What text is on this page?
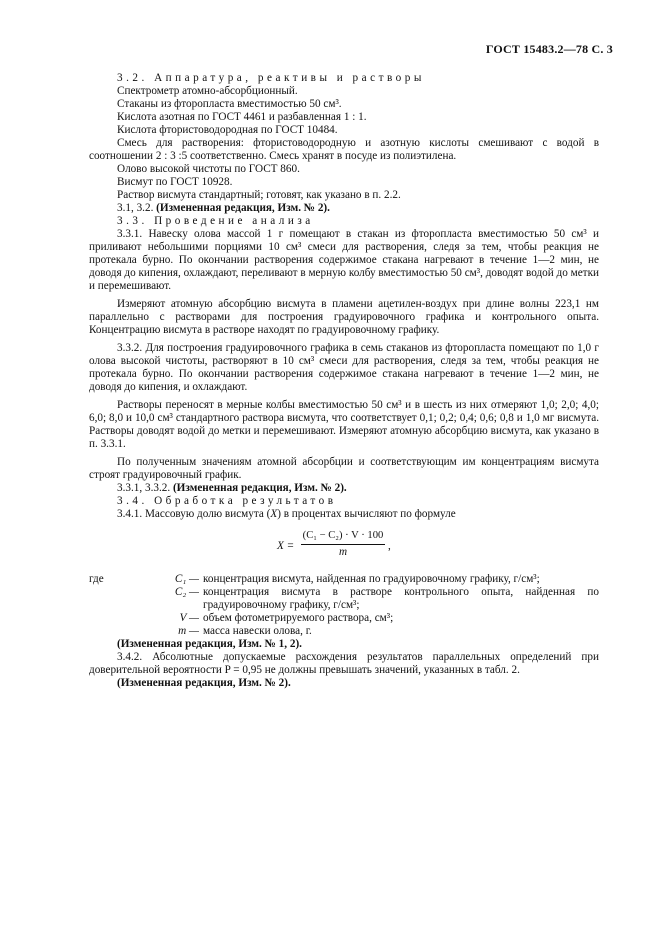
ГОСТ 15483.2—78 С. 3

3.2. Аппаратура, реактивы и растворы

Спектрометр атомно-абсорбционный.

Стаканы из фторопласта вместимостью 50 см³.

Кислота азотная по ГОСТ 4461 и разбавленная 1 : 1.

Кислота фтористоводородная по ГОСТ 10484.

Смесь для растворения: фтористоводородную и азотную кислоты смешивают с водой в соотношении 2 : 3 :5 соответственно. Смесь хранят в посуде из полиэтилена.

Олово высокой чистоты по ГОСТ 860.

Висмут по ГОСТ 10928.

Раствор висмута стандартный; готовят, как указано в п. 2.2.

3.1, 3.2. (Измененная редакция, Изм. № 2).

3.3. Проведение анализа

3.3.1. Навеску олова массой 1 г помещают в стакан из фторопласта вместимостью 50 см³ и приливают небольшими порциями 10 см³ смеси для растворения, следя за тем, чтобы реакция не протекала бурно. По окончании растворения содержимое стакана нагревают в течение 1—2 мин, не доводя до кипения, охлаждают, переливают в мерную колбу вместимостью 50 см³, доводят водой до метки и перемешивают.

Измеряют атомную абсорбцию висмута в пламени ацетилен-воздух при длине волны 223,1 нм параллельно с растворами для построения градуировочного графика и контрольного опыта. Концентрацию висмута в растворе находят по градуировочному графику.

3.3.2. Для построения градуировочного графика в семь стаканов из фторопласта помещают по 1,0 г олова высокой чистоты, растворяют в 10 см³ смеси для растворения, следя за тем, чтобы реакция не протекала бурно. По окончании растворения содержимое стакана нагревают в течение 1—2 мин, не доводя до кипения, и охлаждают.

Растворы переносят в мерные колбы вместимостью 50 см³ и в шесть из них отмеряют 1,0; 2,0; 4,0; 6,0; 8,0 и 10,0 см³ стандартного раствора висмута, что соответствует 0,1; 0,2; 0,4; 0,6; 0,8 и 1,0 мг висмута. Растворы доводят водой до метки и перемешивают. Измеряют атомную абсорбцию висмута, как указано в п. 3.3.1.

По полученным значениям атомной абсорбции и соответствующим им концентрациям висмута строят градуировочный график.

3.3.1, 3.3.2. (Измененная редакция, Изм. № 2).

3.4. Обработка результатов

3.4.1. Массовую долю висмута (X) в процентах вычисляют по формуле

X =
(C₁ − C₂) · V · 100
m	,
где	C₁ — концентрация висмута, найденная по градуировочному графику, г/см³;
C₂ — концентрация висмута в растворе контрольного опыта, найденная по градуировочному графику, г/см³;
V — объем фотометрируемого раствора, см³;
m — масса навески олова, г.

(Измененная редакция, Изм. № 1, 2).

3.4.2. Абсолютные допускаемые расхождения результатов параллельных определений при доверительной вероятности P = 0,95 не должны превышать значений, указанных в табл. 2.

(Измененная редакция, Изм. № 2).
